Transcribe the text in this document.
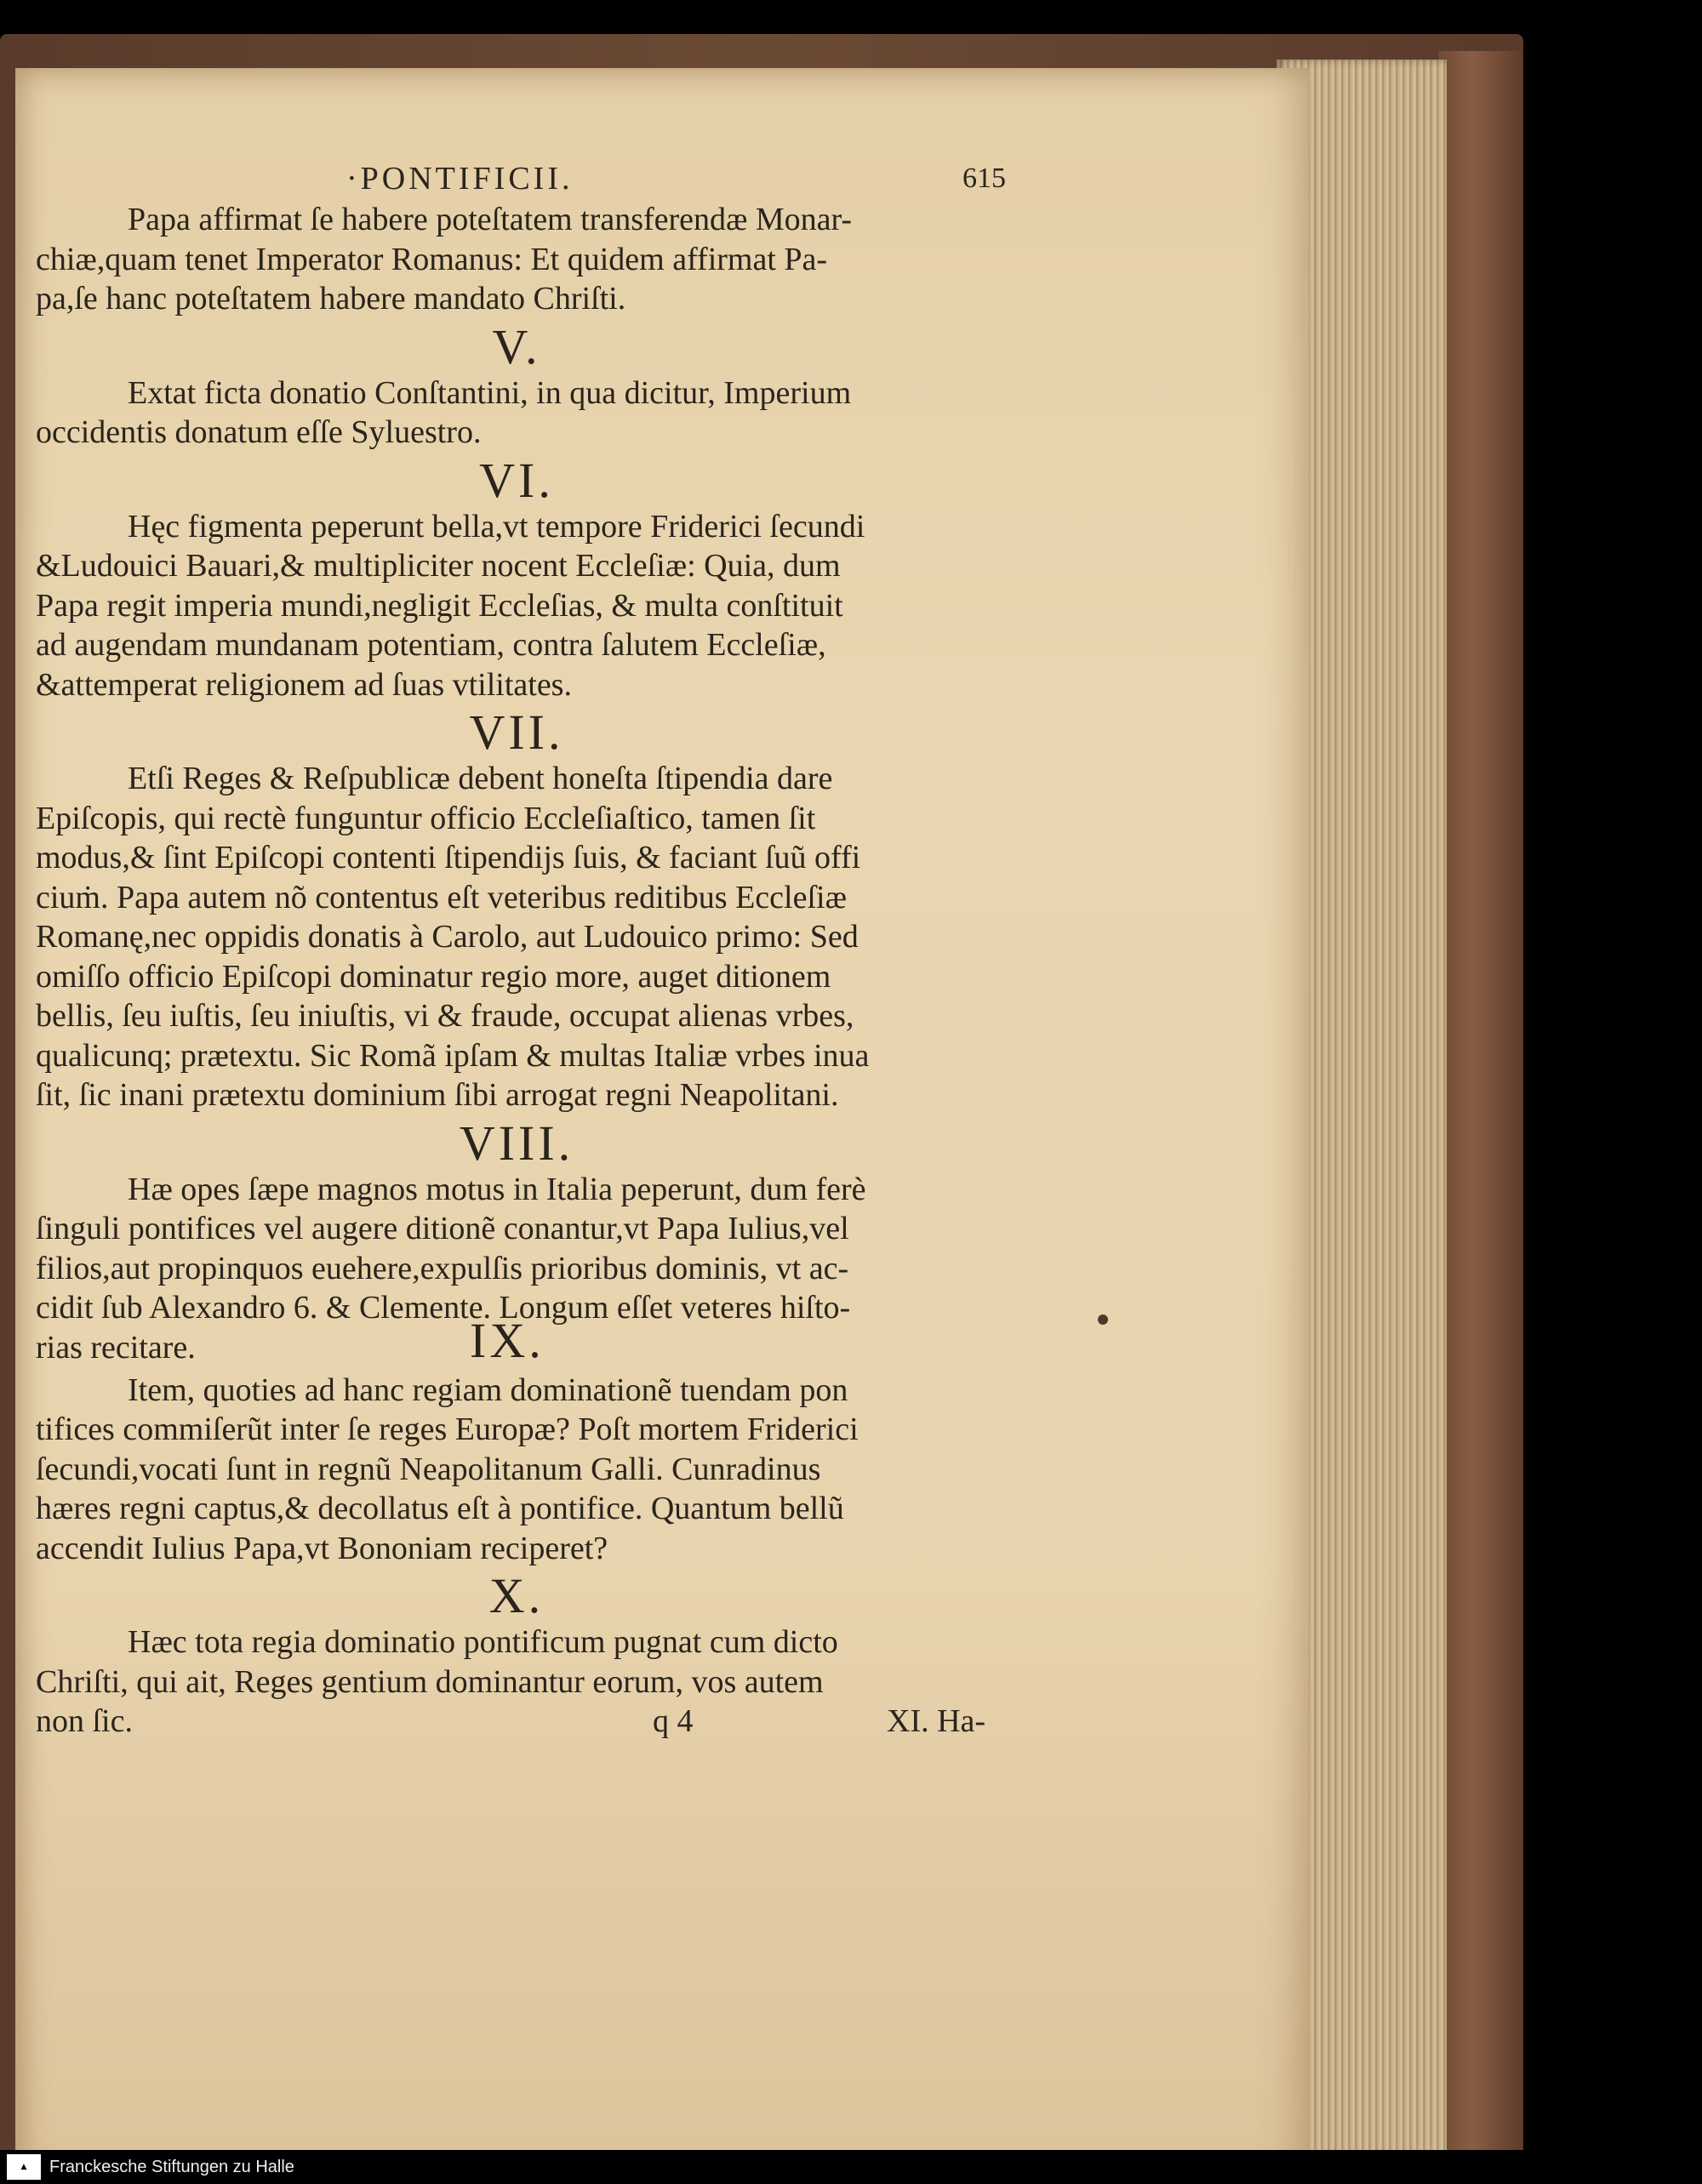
·PONTIFICII.	615

Papa affirmat ſe habere poteſtatem transferendæ Monar-

chiæ,quam tenet Imperator Romanus: Et quidem affirmat Pa-

pa,ſe hanc poteſtatem habere mandato Chriſti.

V.

Extat ficta donatio Conſtantini, in qua dicitur, Imperium

occidentis donatum eſſe Syluestro.

VI.

Hęc figmenta peperunt bella,vt tempore Friderici ſecundi

&Ludouici Bauari,& multipliciter nocent Eccleſiæ: Quia, dum

Papa regit imperia mundi,negligit Eccleſias, & multa conſtituit

ad augendam mundanam potentiam, contra ſalutem Eccleſiæ,

&attemperat religionem ad ſuas vtilitates.

VII.

Etſi Reges & Reſpublicæ debent honeſta ſtipendia dare

Epiſcopis, qui rectè funguntur officio Eccleſiaſtico, tamen ſit

modus,& ſint Epiſcopi contenti ſtipendijs ſuis, & faciant ſuũ offi

ciuṁ. Papa autem nõ contentus eſt veteribus reditibus Eccleſiæ

Romanę,nec oppidis donatis à Carolo, aut Ludouico primo: Sed

omiſſo officio Epiſcopi dominatur regio more, auget ditionem

bellis, ſeu iuſtis, ſeu iniuſtis, vi & fraude, occupat alienas vrbes,

qualicunq; prætextu. Sic Romã ipſam & multas Italiæ vrbes inua

ſit, ſic inani prætextu dominium ſibi arrogat regni Neapolitani.

VIII.

Hæ opes ſæpe magnos motus in Italia peperunt, dum ferè

ſinguli pontifices vel augere ditionẽ conantur,vt Papa Iulius,vel

filios,aut propinquos euehere,expulſis prioribus dominis, vt ac-

cidit ſub Alexandro 6. & Clemente. Longum eſſet veteres hiſto-

rias recitare.	IX.

Item, quoties ad hanc regiam dominationẽ tuendam pon

tifices commiſerũt inter ſe reges Europæ? Poſt mortem Friderici

ſecundi,vocati ſunt in regnũ Neapolitanum Galli. Cunradinus

hæres regni captus,& decollatus eſt à pontifice. Quantum bellũ

accendit Iulius Papa,vt Bononiam reciperet?

X.

Hæc tota regia dominatio pontificum pugnat cum dicto

Chriſti, qui ait, Reges gentium dominantur eorum, vos autem

non ſic.	q 4	XI. Ha-
▲	Franckesche Stiftungen zu Halle
